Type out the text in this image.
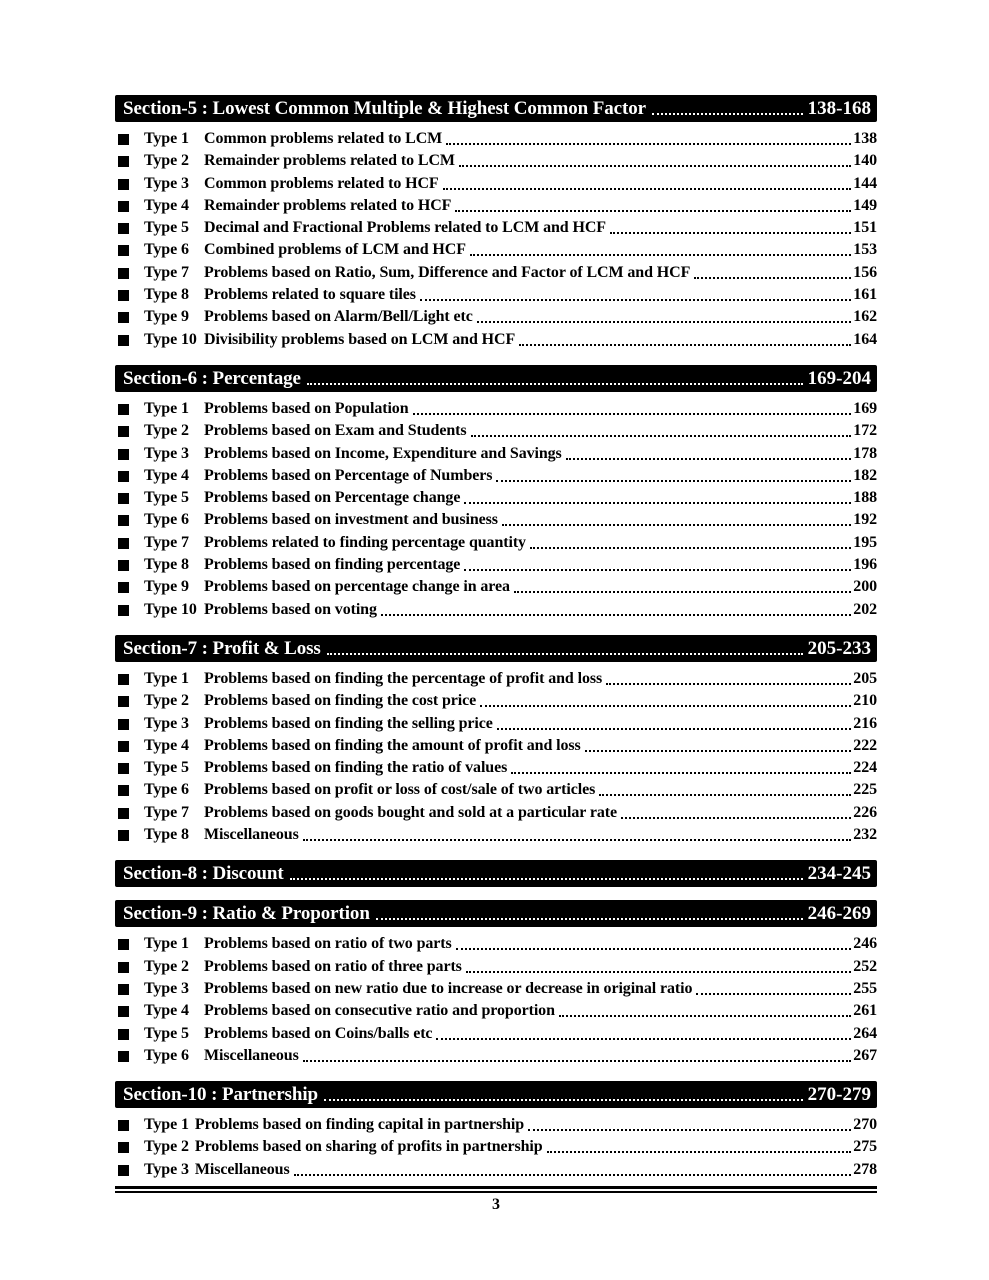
Section-5 : Lowest Common Multiple & Highest Common Factor	138-168
Type 1 Common problems related to LCM	138
Type 2 Remainder problems related to LCM	140
Type 3 Common problems related to HCF	144
Type 4 Remainder problems related to HCF	149
Type 5 Decimal and Fractional Problems related to LCM and HCF	151
Type 6 Combined problems of LCM and HCF	153
Type 7 Problems based on Ratio, Sum, Difference and Factor of LCM and HCF	156
Type 8 Problems related to square tiles	161
Type 9 Problems based on Alarm/Bell/Light etc	162
Type 10 Divisibility problems based on LCM and HCF	164
Section-6 : Percentage	169-204
Type 1 Problems based on Population	169
Type 2 Problems based on Exam and Students	172
Type 3 Problems based on Income, Expenditure and Savings	178
Type 4 Problems based on Percentage of Numbers	182
Type 5 Problems based on Percentage change	188
Type 6 Problems based on investment and business	192
Type 7 Problems related to finding percentage quantity	195
Type 8 Problems based on finding percentage	196
Type 9 Problems based on percentage change in area	200
Type 10 Problems based on voting	202
Section-7 : Profit & Loss	205-233
Type 1 Problems based on finding the percentage of profit and loss	205
Type 2 Problems based on finding the cost price	210
Type 3 Problems based on finding the selling price	216
Type 4 Problems based on finding the amount of profit and loss	222
Type 5 Problems based on finding the ratio of values	224
Type 6 Problems based on profit or loss of cost/sale of two articles	225
Type 7 Problems based on goods bought and sold at a particular rate	226
Type 8 Miscellaneous	232
Section-8 : Discount	234-245
Section-9 : Ratio & Proportion	246-269
Type 1 Problems based on ratio of two parts	246
Type 2 Problems based on ratio of three parts	252
Type 3 Problems based on new ratio due to increase or decrease in original ratio	255
Type 4 Problems based on consecutive ratio and proportion	261
Type 5 Problems based on Coins/balls etc	264
Type 6 Miscellaneous	267
Section-10 : Partnership	270-279
Type 1 Problems based on finding capital in partnership	270
Type 2 Problems based on sharing of profits in partnership	275
Type 3 Miscellaneous	278
3
